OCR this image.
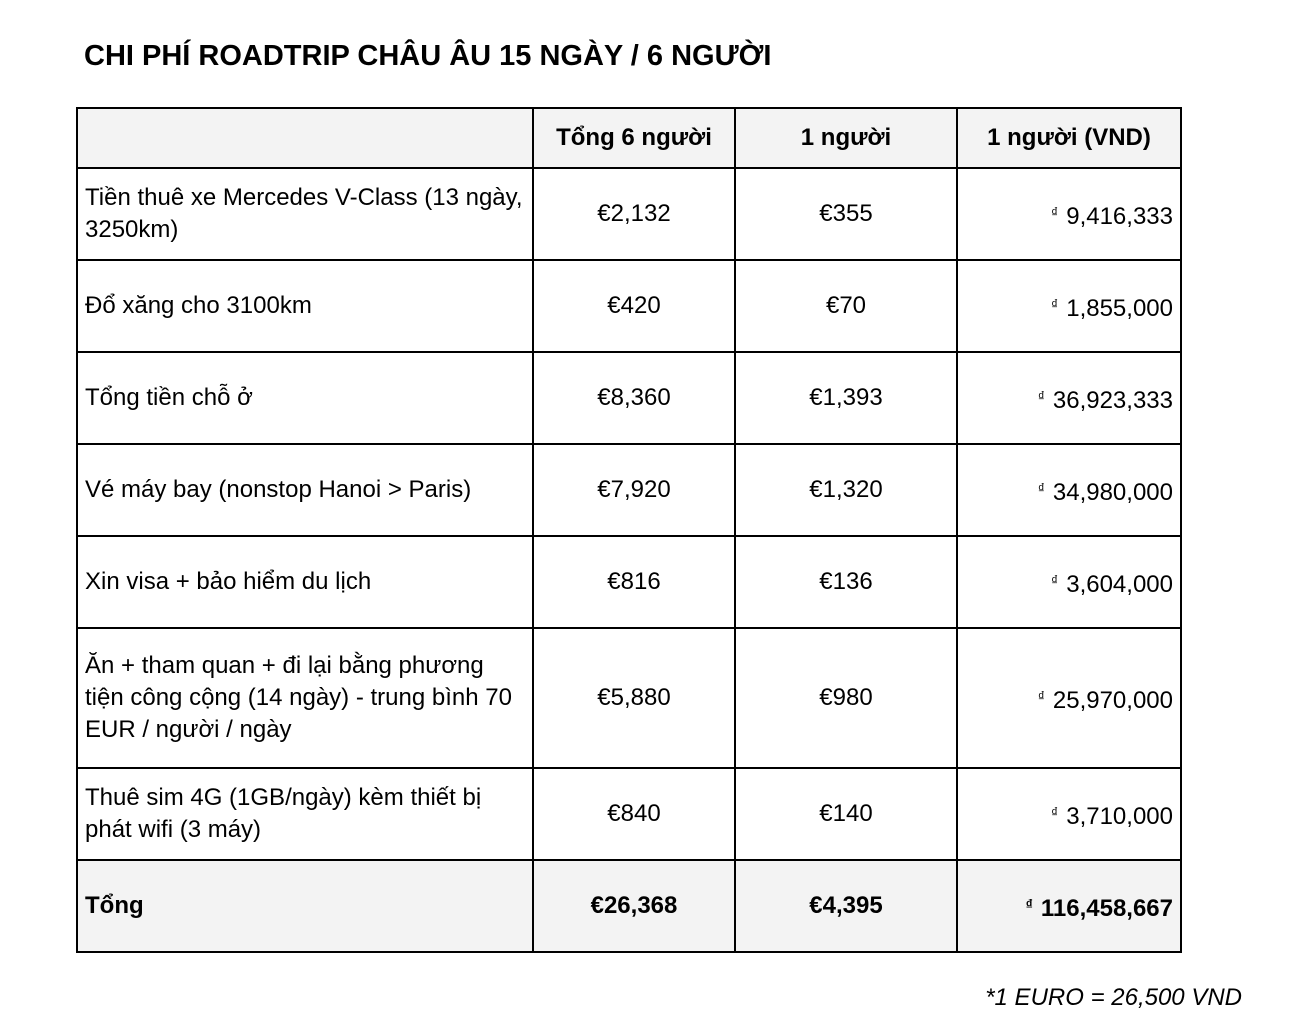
CHI PHÍ ROADTRIP CHÂU ÂU 15 NGÀY / 6 NGƯỜI
	Tổng 6 người	1 người	1 người (VND)
Tiền thuê xe Mercedes V-Class (13 ngày, 3250km)	€2,132	€355	₫ 9,416,333
Đổ xăng cho 3100km	€420	€70	₫ 1,855,000
Tổng tiền chỗ ở	€8,360	€1,393	₫ 36,923,333
Vé máy bay (nonstop Hanoi > Paris)	€7,920	€1,320	₫ 34,980,000
Xin visa + bảo hiểm du lịch	€816	€136	₫ 3,604,000
Ăn + tham quan + đi lại bằng phương tiện công cộng (14 ngày) - trung bình 70 EUR / người / ngày	€5,880	€980	₫ 25,970,000
Thuê sim 4G (1GB/ngày) kèm thiết bị phát wifi (3 máy)	€840	€140	₫ 3,710,000
Tổng	€26,368	€4,395	₫ 116,458,667
*1 EURO = 26,500 VND
